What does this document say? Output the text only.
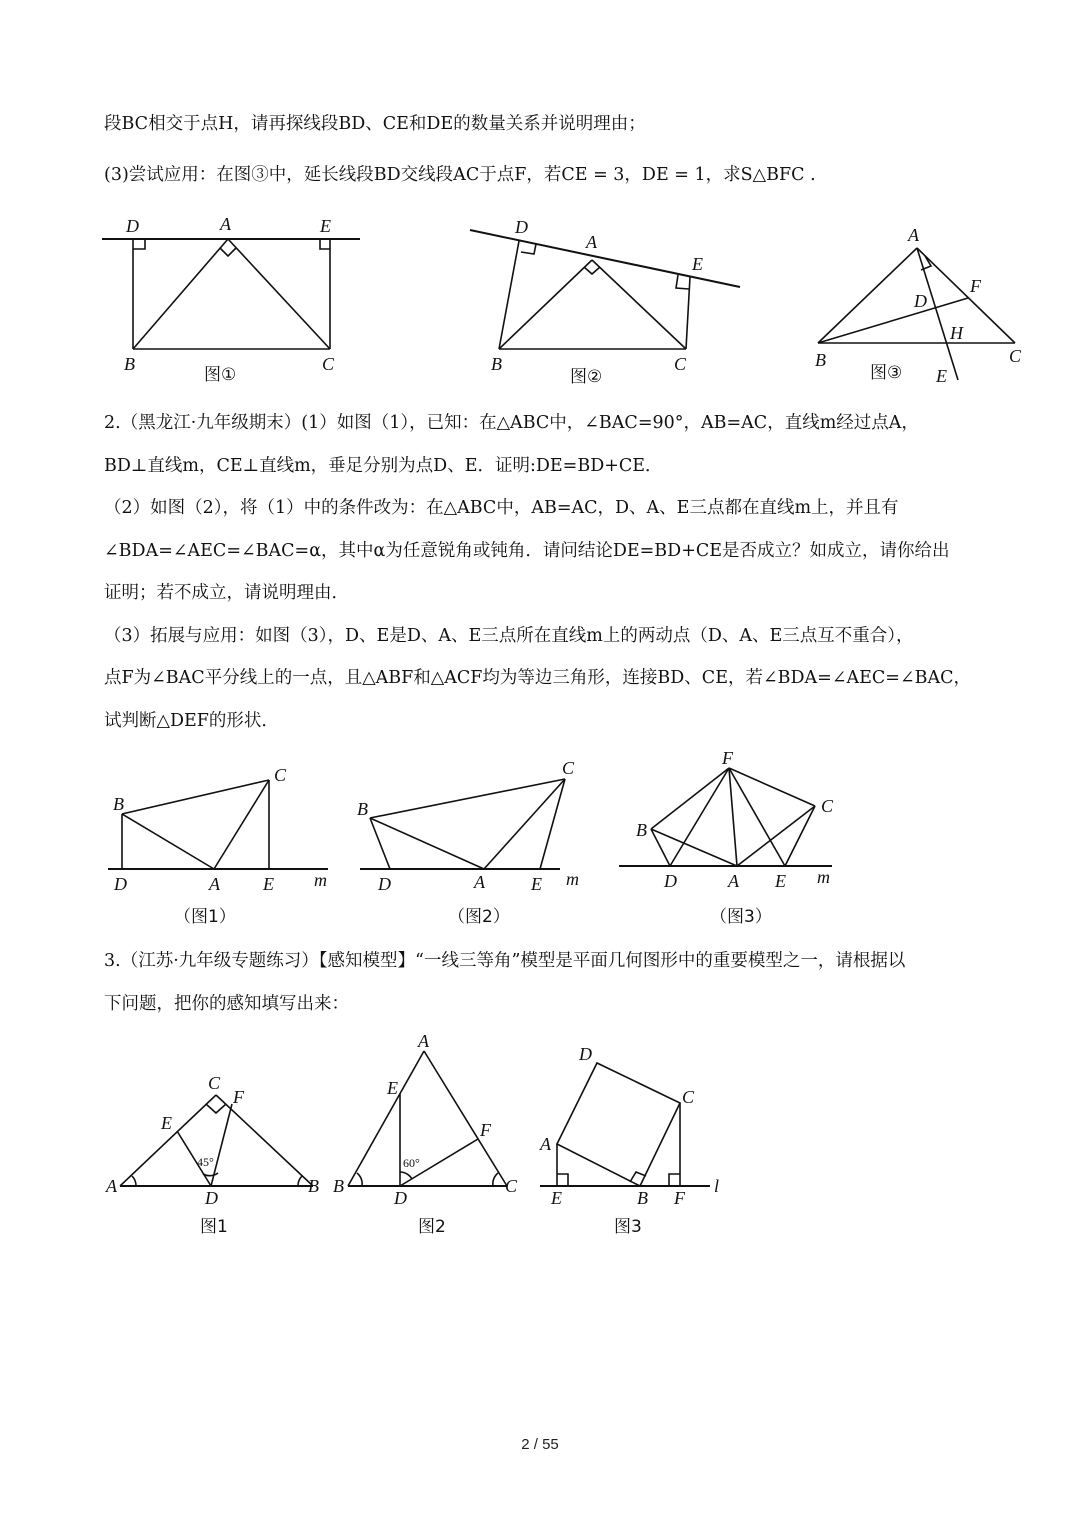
段BC相交于点H，请再探线段BD、CE和DE的数量关系并说明理由；
(3)尝试应用：在图③中，延长线段BD交线段AC于点F，若CE = 3，DE = 1，求S△BFC .
2.（黑龙江·九年级期末）(1）如图（1），已知：在△ABC中，∠BAC=90°，AB=AC，直线m经过点A，
BD⊥直线m，CE⊥直线m，垂足分别为点D、E．证明:DE=BD+CE．
（2）如图（2），将（1）中的条件改为：在△ABC中，AB=AC，D、A、E三点都在直线m上，并且有
∠BDA=∠AEC=∠BAC=α，其中α为任意锐角或钝角．请问结论DE=BD+CE是否成立？如成立，请你给出
证明；若不成立，请说明理由．
（3）拓展与应用：如图（3），D、E是D、A、E三点所在直线m上的两动点（D、A、E三点互不重合），
点F为∠BAC平分线上的一点，且△ABF和△ACF均为等边三角形，连接BD、CE，若∠BDA=∠AEC=∠BAC，
试判断△DEF的形状．
3.（江苏·九年级专题练习）【感知模型】“一线三等角”模型是平面几何图形中的重要模型之一，请根据以
下问题，把你的感知填写出来：
D	A	E
B	C
图①
D
A
E
B	C
图②
A
F
D
H
B	C
E
图③
C
B
D	A E m
（图1）
C
B
D	A	E m
（图2）
F
C
B
D	A E m
（图3）
C
F
E
A
D
B
45°
图1
A
E
F
B
D
C
60°
图2
D
C
A
E	B F
l
图3
2 / 55
